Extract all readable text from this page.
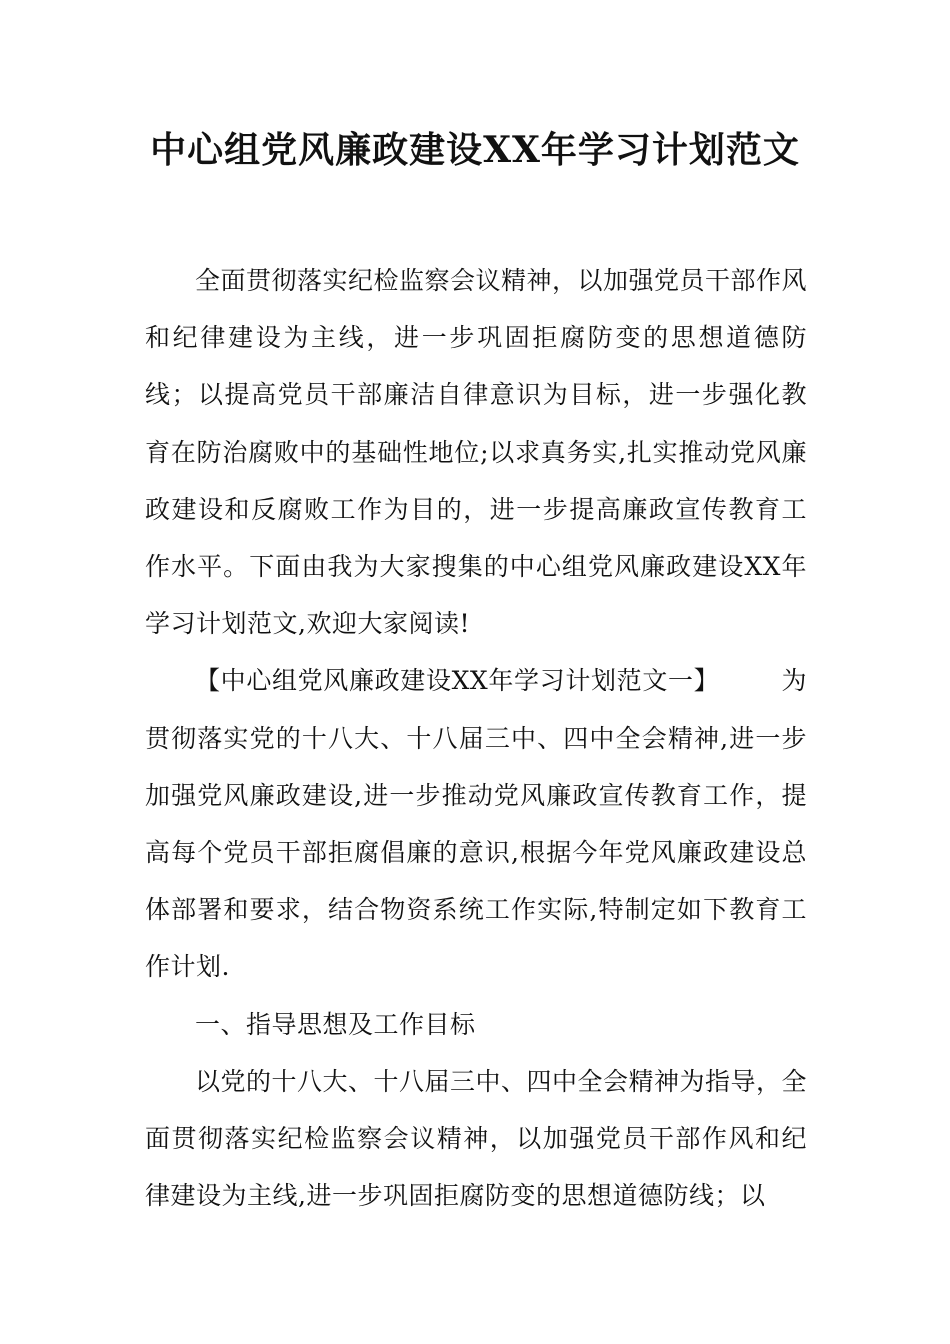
中心组党风廉政建设XX年学习计划范文

全面贯彻落实纪检监察会议精神，以加强党员干部作风和纪律建设为主线，进一步巩固拒腐防变的思想道德防线；以提高党员干部廉洁自律意识为目标，进一步强化教育在防治腐败中的基础性地位;以求真务实,扎实推动党风廉政建设和反腐败工作为目的，进一步提高廉政宣传教育工作水平。下面由我为大家搜集的中心组党风廉政建设XX年学习计划范文,欢迎大家阅读!

【中心组党风廉政建设XX年学习计划范文一】 为贯彻落实党的十八大、十八届三中、四中全会精神,进一步加强党风廉政建设,进一步推动党风廉政宣传教育工作，提高每个党员干部拒腐倡廉的意识,根据今年党风廉政建设总体部署和要求，结合物资系统工作实际,特制定如下教育工作计划.

一、指导思想及工作目标

以党的十八大、十八届三中、四中全会精神为指导，全面贯彻落实纪检监察会议精神，以加强党员干部作风和纪律建设为主线,进一步巩固拒腐防变的思想道德防线；以
